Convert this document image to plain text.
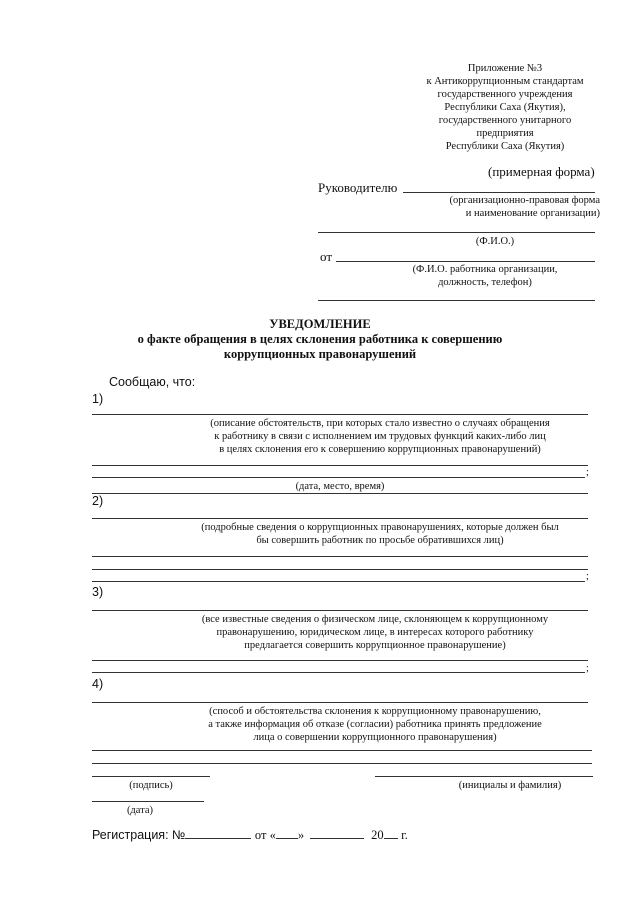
Приложение №3
к Антикоррупционным стандартам
государственного учреждения
Республики Саха (Якутия),
государственного унитарного
предприятия
Республики Саха (Якутия)
(примерная форма)
Руководителю
(организационно-правовая форма
и наименование организации)
(Ф.И.О.)
от
(Ф.И.О. работника организации,
должность, телефон)
УВЕДОМЛЕНИЕ
о факте обращения в целях склонения работника к совершению
коррупционных правонарушений
Сообщаю, что:
1)
(описание обстоятельств, при которых стало известно о случаях обращения
к работнику в связи с исполнением им трудовых функций каких-либо лиц
в целях склонения его к совершению коррупционных правонарушений)
;
(дата, место, время)
2)
(подробные сведения о коррупционных правонарушениях, которые должен был
бы совершить работник по просьбе обратившихся лиц)
;
3)
(все известные сведения о физическом лице, склоняющем к коррупционному
правонарушению, юридическом лице, в интересах которого работнику
предлагается совершить коррупционное правонарушение)
;
4)
(способ и обстоятельства склонения к коррупционному правонарушению,
а также информация об отказе (согласии) работника принять предложение
лица о совершении коррупционного правонарушения)
(подпись)	(инициалы и фамилия)
(дата)
Регистрация: №	от « »	20 г.
